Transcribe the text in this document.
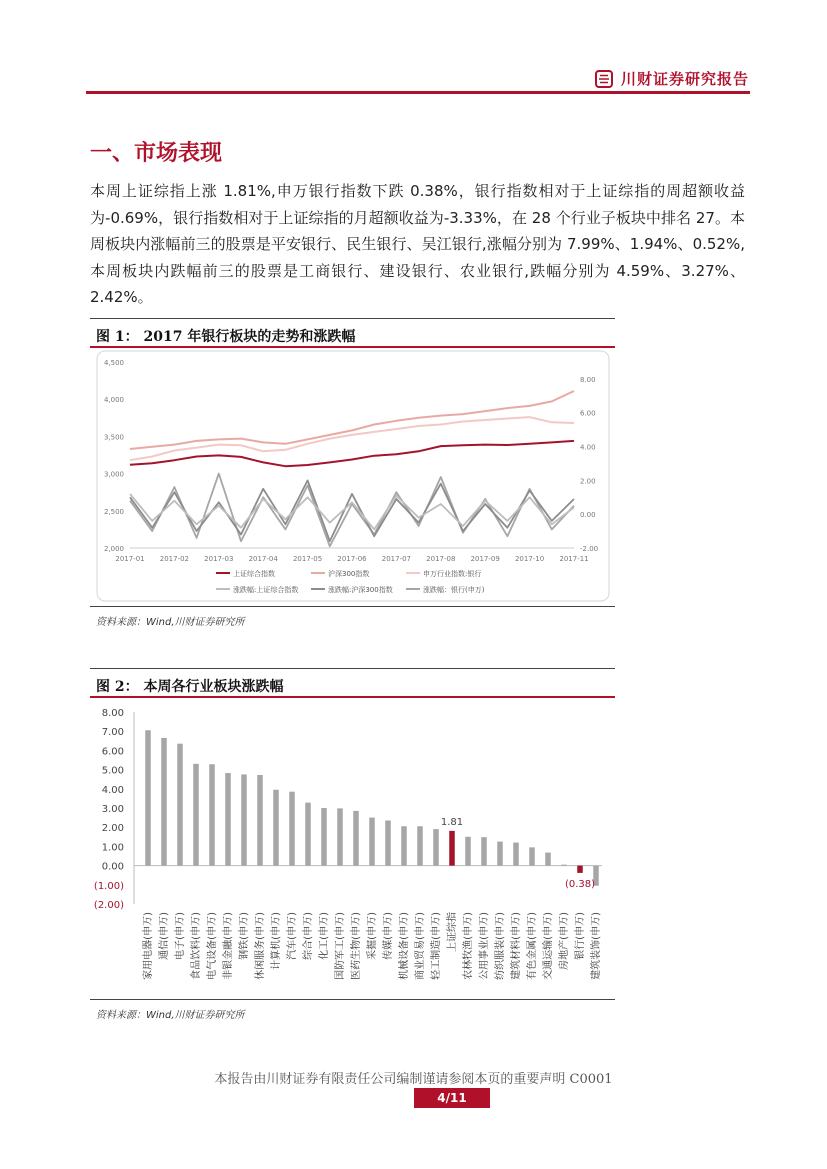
川财证券研究报告
一、市场表现
本周上证综指上涨 1.81%,申万银行指数下跌 0.38%，银行指数相对于上证综指的周超额收益为-0.69%，银行指数相对于上证综指的月超额收益为-3.33%，在 28 个行业子板块中排名 27。本周板块内涨幅前三的股票是平安银行、民生银行、吴江银行,涨幅分别为 7.99%、1.94%、0.52%,本周板块内跌幅前三的股票是工商银行、建设银行、农业银行,跌幅分别为 4.59%、3.27%、2.42%。
图 1： 2017 年银行板块的走势和涨跌幅
4,500
4,000
3,500
3,000
2,500
2,000
8.00
6.00
4.00
2.00
0.00
-2.00
2017-01 2017-02 2017-03 2017-04 2017-05 2017-06 2017-07 2017-08 2017-09 2017-10 2017-11
上证综合指数	沪深300指数	申万行业指数:银行
涨跌幅:上证综合指数	涨跌幅:沪深300指数	涨跌幅：银行(申万)
资料来源：Wind,川财证券研究所
图 2： 本周各行业板块涨跌幅
8.00
7.00
6.00
5.00
4.00
3.00
2.00
1.00
0.00
(1.00)
(2.00)
家用电器(申万) 通信(申万) 电子(申万) 食品饮料(申万) 电气设备(申万) 非银金融(申万) 钢铁(申万) 休闲服务(申万) 计算机(申万) 汽车(申万) 综合(申万) 化工(申万) 国防军工(申万) 医药生物(申万) 采掘(申万) 传媒(申万) 机械设备(申万) 商业贸易(申万) 轻工制造(申万) 上证综指 农林牧渔(申万) 公用事业(申万) 纺织服装(申万) 建筑材料(申万) 有色金属(申万) 交通运输(申万) 房地产(申万) 银行(申万) 建筑装饰(申万)
1.81
(0.38)
资料来源：Wind,川财证券研究所
本报告由川财证券有限责任公司编制谨请参阅本页的重要声明 C0001
4/11
